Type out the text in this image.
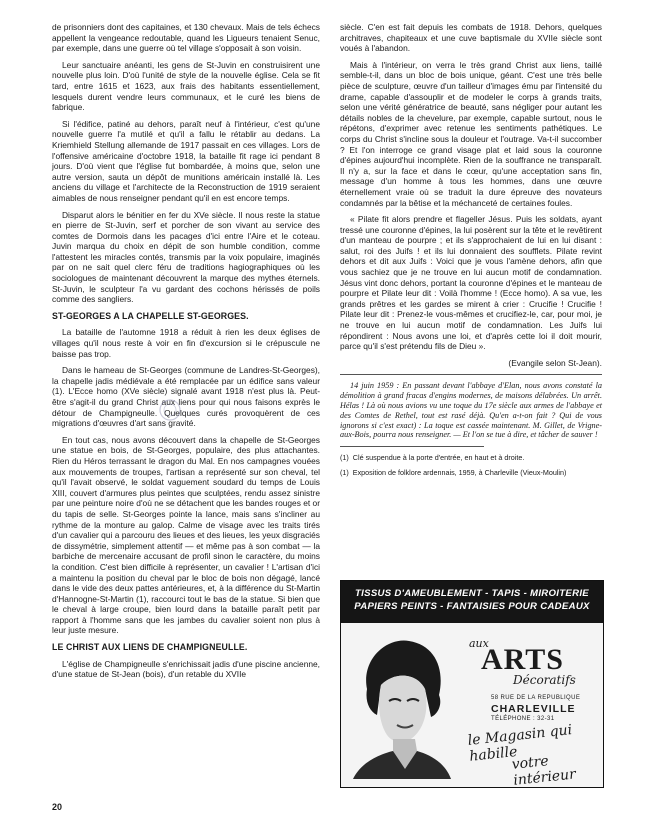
de prisonniers dont des capitaines, et 130 chevaux. Mais de tels échecs appellent la vengeance redoutable, quand les Ligueurs tenaient Senuc, par exemple, dans une guerre où tel village s'opposait à son voisin.

Leur sanctuaire anéanti, les gens de St-Juvin en construisirent une nouvelle plus loin. D'où l'unité de style de la nouvelle église. Cela se fit tard, entre 1615 et 1623, aux frais des habitants essentiellement, lesquels durent vendre leurs communaux, et le curé les biens de fabrique.

Si l'édifice, patiné au dehors, paraît neuf à l'intérieur, c'est qu'une nouvelle guerre l'a mutilé et qu'il a fallu le rétablir au dedans. La Kriemhield Stellung allemande de 1917 passait en ces villages. Lors de l'offensive américaine d'octobre 1918, la bataille fit rage ici pendant 8 jours. D'où vient que l'église fut bombardée, à moins que, selon une autre version, sauta un dépôt de munitions américain installé là. Les anciens du village et l'architecte de la Reconstruction de 1919 seraient aimables de nous renseigner pendant qu'il en est encore temps.

Disparut alors le bénitier en fer du XVe siècle. Il nous reste la statue en pierre de St-Juvin, serf et porcher de son vivant au service des comtes de Dormois dans les pacages d'ici entre l'Aire et le coteau. Juvin marqua du choix en dépit de son humble condition, comme l'attestent les miracles contés, transmis par la voix populaire, imaginés par on ne sait quel clerc féru de traditions hagiographiques où les sociologues de maintenant découvrent la marque des mythes éternels. St-Juvin, le sculpteur l'a vu gardant des cochons hérissés de poils comme des sangliers.

ST-GEORGES A LA CHAPELLE ST-GEORGES.

La bataille de l'automne 1918 a réduit à rien les deux églises de villages qu'il nous reste à voir en fin d'excursion si le crépuscule ne baisse pas trop.

Dans le hameau de St-Georges (commune de Landres-St-Georges), la chapelle jadis médiévale a été remplacée par un édifice sans valeur (1). L'Ecce homo (XVe siècle) signalé avant 1918 n'est plus là. Peut-être s'agit-il du grand Christ aux liens pour qui nous faisons exprès le détour de Champigneulle. Quelques curés provoquèrent de ces migrations d'œuvres d'art sans gravité.

En tout cas, nous avons découvert dans la chapelle de St-Georges une statue en bois, de St-Georges, populaire, des plus attachantes. Rien du Héros terrassant le dragon du Mal. En nos campagnes vouées aux mouvements de troupes, l'artisan a représenté sur son cheval, tel qu'il l'avait observé, le soldat vaguement soudard du temps de Louis XIII, couvert d'armures plus peintes que sculptées, rendu assez sinistre par une peinture noire d'où ne se détachent que les bandes rouges et or du tapis de selle. St-Georges pointe la lance, mais sans s'incliner au rythme de la monture au galop. Calme de visage avec les traits tirés d'un cavalier qui a parcouru des lieues et des lieues, les yeux disgraciés de dissymétrie, simplement attentif — et même pas à son combat — la barbiche de mercenaire accusant de profil sinon le caractère, du moins la condition. C'est bien difficile à représenter, un cavalier ! L'artisan d'ici a maintenu la position du cheval par le bloc de bois non dégagé, lancé dans le vide des deux pattes antérieures, et, à la différence du St-Martin d'Hannogne-St-Martin (1), raccourci tout le bas de la statue. Si bien que le cheval à large croupe, bien lourd dans la bataille paraît petit par rapport à l'homme sans que les jambes du cavalier soient non plus à leur juste mesure.

LE CHRIST AUX LIENS DE CHAMPIGNEULLE.

L'église de Champigneulle s'enrichissait jadis d'une piscine ancienne, d'une statue de St-Jean (bois), d'un retable du XVIIe

siècle. C'en est fait depuis les combats de 1918. Dehors, quelques architraves, chapiteaux et une cuve baptismale du XVIIe siècle sont voués à l'abandon.

Mais à l'intérieur, on verra le très grand Christ aux liens, taillé semble-t-il, dans un bloc de bois unique, géant. C'est une très belle pièce de sculpture, œuvre d'un tailleur d'images ému par l'intensité du drame, capable d'assouplir et de modeler le corps à grands traits, selon une vérité génératrice de beauté, sans négliger pour autant les détails nobles de la chevelure, par exemple, capable surtout, nous le répétons, d'exprimer avec retenue les sentiments pathétiques. Le corps du Christ s'incline sous la douleur et l'outrage. Va-t-il succomber ? Et l'on interroge ce grand visage plat et laid sous la couronne d'épines aujourd'hui incomplète. Rien de la souffrance ne transparaît. Il n'y a, sur la face et dans le cœur, qu'une acceptation sans fin, message d'un homme à tous les hommes, dans une œuvre éternellement vraie où se traduit la dure épreuve des novateurs condamnés par la bêtise et la méchanceté de certaines foules.

« Pilate fit alors prendre et flageller Jésus. Puis les soldats, ayant tressé une couronne d'épines, la lui posèrent sur la tête et le revêtirent d'un manteau de pourpre ; et ils s'approchaient de lui en lui disant : salut, roi des Juifs ! et ils lui donnaient des soufflets. Pilate revint dehors et dit aux Juifs : Voici que je vous l'amène dehors, afin que vous sachiez que je ne trouve en lui aucun motif de condamnation. Jésus vint donc dehors, portant la couronne d'épines et le manteau de pourpre et Pilate leur dit : Voilà l'homme ! (Ecce homo). A sa vue, les grands prêtres et les gardes se mirent à crier : Crucifie ! Crucifie ! Pilate leur dit : Prenez-le vous-mêmes et crucifiez-le, car, pour moi, je ne trouve en lui aucun motif de condamnation. Les Juifs lui répondirent : Nous avons une loi, et d'après cette loi il doit mourir, parce qu'il s'est prétendu fils de Dieu ».

(Evangile selon St-Jean).

14 juin 1959 : En passant devant l'abbaye d'Elan, nous avons constaté la démolition à grand fracas d'engins modernes, de maisons délabrées. Un arrêt. Hélas ! Là où nous avions vu une toque du 17e siècle aux armes de l'abbaye et des Comtes de Rethel, tout est rasé déjà. Qu'en a-t-on fait ? Qui de vous ignorons si c'est exact) : La toque est cassée maintenant. M. Gillet, de Vrigne-aux-Bois, pourra nous renseigner. — Et l'on se tue à dire, et tâcher de sauver !

(1) Clé suspendue à la porte d'entrée, en haut et à droite.

(1) Exposition de folklore ardennais, 1959, à Charleville (Vieux-Moulin)

TISSUS D'AMEUBLEMENT - TAPIS - MIROITERIE
PAPIERS PEINTS - FANTAISIES POUR CADEAUX
aux
ARTS
Décoratifs
58 RUE DE LA REPUBLIQUE
CHARLEVILLE
TÉLÉPHONE : 32-31
le Magasin qui habille
votre intérieur
20
